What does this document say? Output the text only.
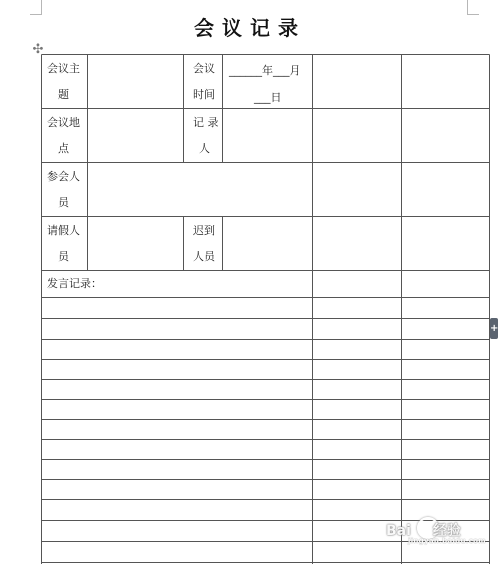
会议记录
✣
会议主
题
会议
时间
______年___月
___日
会议地
点
记 录
人
参会人
员
请假人
员
迟到
人员
发言记录：
+
Bai 经验
jingyan.baidu.com
